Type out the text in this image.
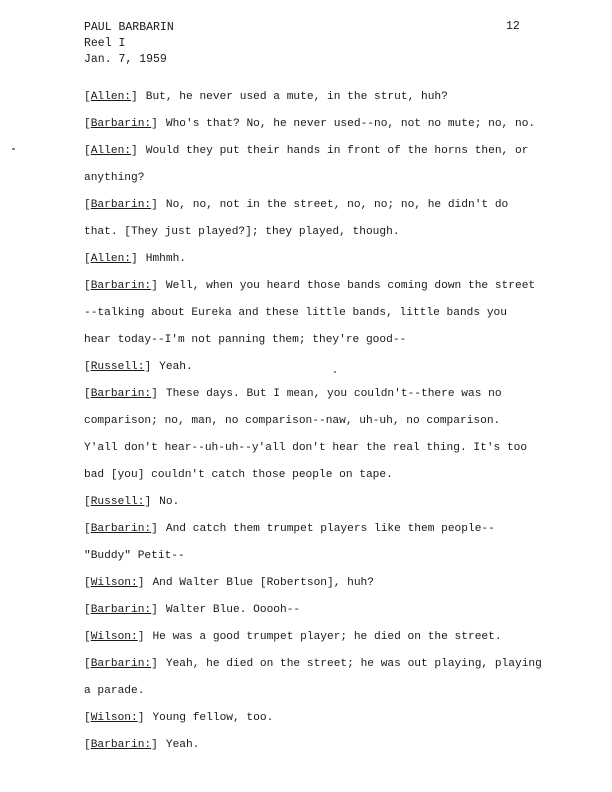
PAUL BARBARIN
Reel I
Jan. 7, 1959
12
[Allen:] But, he never used a mute, in the strut, huh?
[Barbarin:] Who's that? No, he never used--no, not no mute; no, no.
[Allen:] Would they put their hands in front of the horns then, or
anything?
[Barbarin:] No, no, not in the street, no, no; no, he didn't do
that. [They just played?]; they played, though.
[Allen:] Hmhmh.
[Barbarin:] Well, when you heard those bands coming down the street
--talking about Eureka and these little bands, little bands you
hear today--I'm not panning them; they're good--
[Russell:] Yeah.
[Barbarin:] These days. But I mean, you couldn't--there was no
comparison; no, man, no comparison--naw, uh-uh, no comparison.
Y'all don't hear--uh-uh--y'all don't hear the real thing. It's too
bad [you] couldn't catch those people on tape.
[Russell:] No.
[Barbarin:] And catch them trumpet players like them people--
"Buddy" Petit--
[Wilson:] And Walter Blue [Robertson], huh?
[Barbarin:] Walter Blue. Ooooh--
[Wilson:] He was a good trumpet player; he died on the street.
[Barbarin:] Yeah, he died on the street; he was out playing, playing
a parade.
[Wilson:] Young fellow, too.
[Barbarin:] Yeah.
